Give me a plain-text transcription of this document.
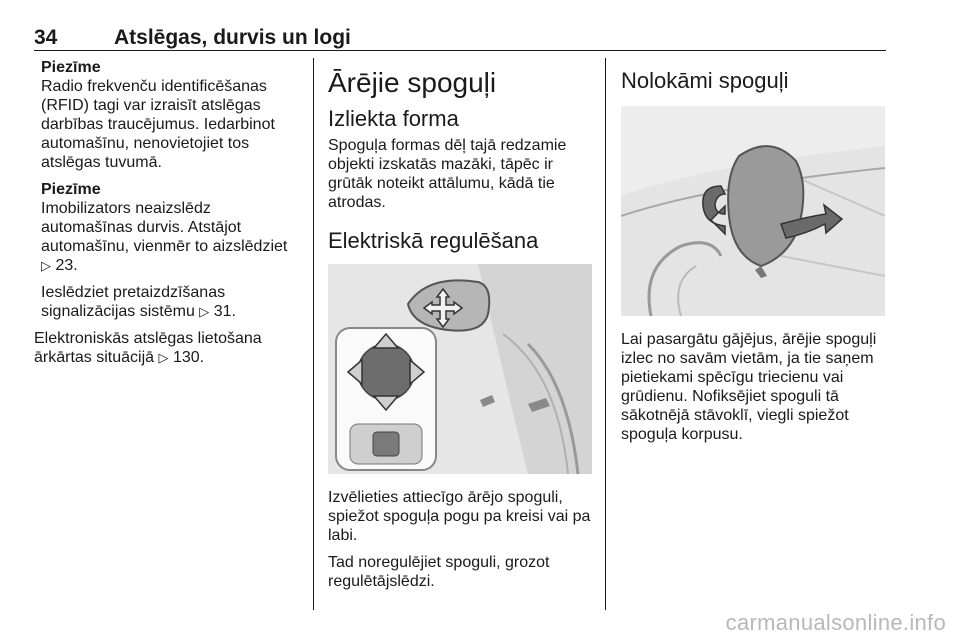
34	Atslēgas, durvis un logi
Piezīme

Radio frekvenču identificēšanas (RFID) tagi var izraisīt atslēgas darbības traucējumus. Iedarbinot automašīnu, nenovietojiet tos atslēgas tuvumā.

Piezīme

Imobilizators neaizslēdz automašīnas durvis. Atstājot automašīnu, vienmēr to aizslēdziet
▷ 23.

Ieslēdziet pretaizdzīšanas signalizācijas sistēmu ▷ 31.

Elektroniskās atslēgas lietošana ārkārtas situācijā ▷ 130.

Ārējie spoguļi
Izliekta forma

Spoguļa formas dēļ tajā redzamie objekti izskatās mazāki, tāpēc ir grūtāk noteikt attālumu, kādā tie atrodas.

Elektriskā regulēšana

Izvēlieties attiecīgo ārējo spoguli, spiežot spoguļa pogu pa kreisi vai pa labi.

Tad noregulējiet spoguli, grozot regulētājslēdzi.

Nolokāmi spoguļi

Lai pasargātu gājējus, ārējie spoguļi izlec no savām vietām, ja tie saņem pietiekami spēcīgu triecienu vai grūdienu. Nofiksējiet spoguli tā sākotnējā stāvoklī, viegli spiežot spoguļa korpusu.

carmanualsonline.info
